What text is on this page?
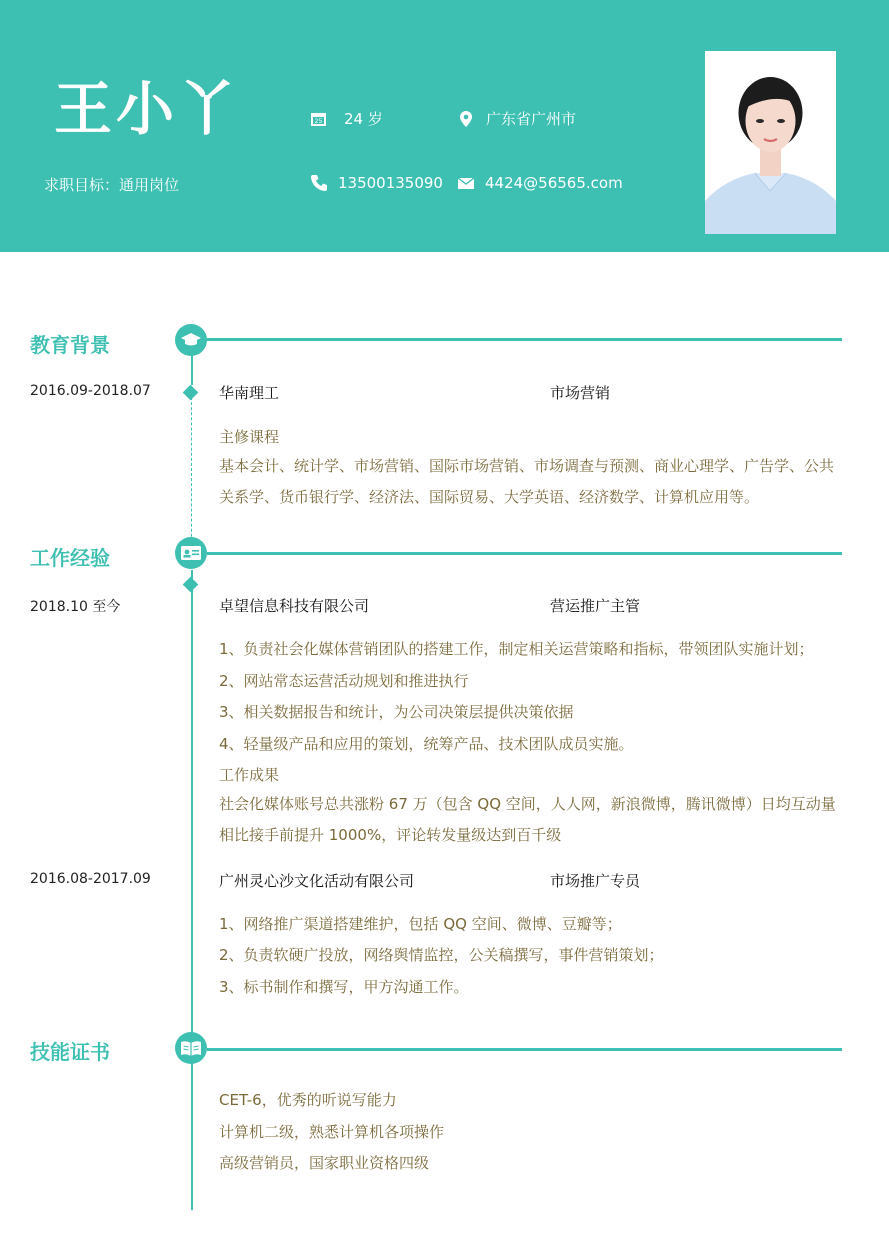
王小丫
求职目标：通用岗位
25 24 岁	广东省广州市
13500135090	4424@56565.com
教育背景
2016.09-2018.07	华南理工	市场营销
主修课程
基本会计、统计学、市场营销、国际市场营销、市场调查与预测、商业心理学、广告学、公共关系学、货币银行学、经济法、国际贸易、大学英语、经济数学、计算机应用等。
工作经验
2018.10 至今	卓望信息科技有限公司	营运推广主管
1、负责社会化媒体营销团队的搭建工作，制定相关运营策略和指标，带领团队实施计划；
2、网站常态运营活动规划和推进执行
3、相关数据报告和统计，为公司决策层提供决策依据
4、轻量级产品和应用的策划，统筹产品、技术团队成员实施。
工作成果
社会化媒体账号总共涨粉 67 万（包含 QQ 空间，人人网，新浪微博，腾讯微博）日均互动量相比接手前提升 1000%，评论转发量级达到百千级
2016.08-2017.09	广州灵心沙文化活动有限公司	市场推广专员
1、网络推广渠道搭建维护，包括 QQ 空间、微博、豆瓣等；
2、负责软硬广投放，网络舆情监控，公关稿撰写，事件营销策划；
3、标书制作和撰写，甲方沟通工作。
技能证书
CET-6，优秀的听说写能力
计算机二级，熟悉计算机各项操作
高级营销员，国家职业资格四级
